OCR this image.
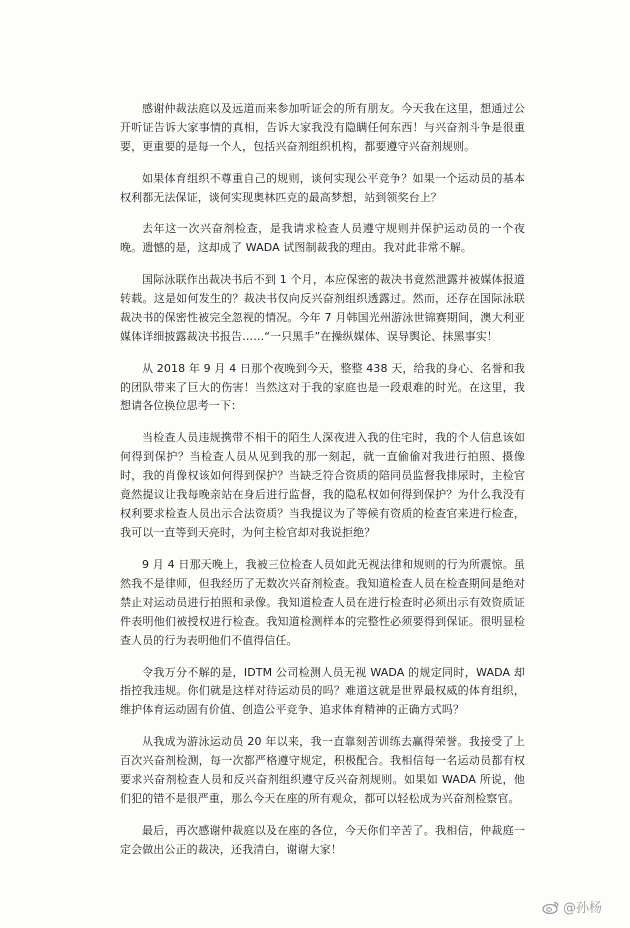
感谢仲裁法庭以及远道而来参加听证会的所有朋友。今天我在这里，想通过公开听证告诉大家事情的真相，告诉大家我没有隐瞒任何东西！与兴奋剂斗争是很重要，更重要的是每一个人，包括兴奋剂组织机构，都要遵守兴奋剂规则。

如果体育组织不尊重自己的规则，谈何实现公平竞争？如果一个运动员的基本权利都无法保证，谈何实现奥林匹克的最高梦想，站到领奖台上？

去年这一次兴奋剂检查，是我请求检查人员遵守规则并保护运动员的一个夜晚。遗憾的是，这却成了 WADA 试图制裁我的理由。我对此非常不解。

国际泳联作出裁决书后不到 1 个月，本应保密的裁决书竟然泄露并被媒体报道转载。这是如何发生的？裁决书仅向反兴奋剂组织透露过。然而，还存在国际泳联裁决书的保密性被完全忽视的情况。今年 7 月韩国光州游泳世锦赛期间，澳大利亚媒体详细披露裁决书报告……“一只黑手”在操纵媒体、误导舆论、抹黑事实！

从 2018 年 9 月 4 日那个夜晚到今天，整整 438 天，给我的身心、名誉和我的团队带来了巨大的伤害！当然这对于我的家庭也是一段艰难的时光。在这里，我想请各位换位思考一下：

当检查人员违规携带不相干的陌生人深夜进入我的住宅时，我的个人信息该如何得到保护？当检查人员从见到我的那一刻起，就一直偷偷对我进行拍照、摄像时，我的肖像权该如何得到保护？当缺乏符合资质的陪同员监督我排尿时，主检官竟然提议让我每晚亲站在身后进行监督，我的隐私权如何得到保护？为什么我没有权利要求检查人员出示合法资质？当我提议为了等候有资质的检查官来进行检查，我可以一直等到天亮时，为何主检官却对我说拒绝？

9 月 4 日那天晚上，我被三位检查人员如此无视法律和规则的行为所震惊。虽然我不是律师，但我经历了无数次兴奋剂检查。我知道检查人员在检查期间是绝对禁止对运动员进行拍照和录像。我知道检查人员在进行检查时必须出示有效资质证件表明他们被授权进行检查。我知道检测样本的完整性必须要得到保证。很明显检查人员的行为表明他们不值得信任。

令我万分不解的是，IDTM 公司检测人员无视 WADA 的规定同时，WADA 却指控我违规。你们就是这样对待运动员的吗？难道这就是世界最权威的体育组织，维护体育运动固有价值、创造公平竞争、追求体育精神的正确方式吗？

从我成为游泳运动员 20 年以来，我一直靠刻苦训练去赢得荣誉。我接受了上百次兴奋剂检测，每一次都严格遵守规定，积极配合。我相信每一名运动员都有权要求兴奋剂检查人员和反兴奋剂组织遵守反兴奋剂规则。如果如 WADA 所说，他们犯的错不是很严重，那么今天在座的所有观众，都可以轻松成为兴奋剂检察官。

最后，再次感谢仲裁庭以及在座的各位，今天你们辛苦了。我相信，仲裁庭一定会做出公正的裁决，还我清白，谢谢大家！

@孙杨
